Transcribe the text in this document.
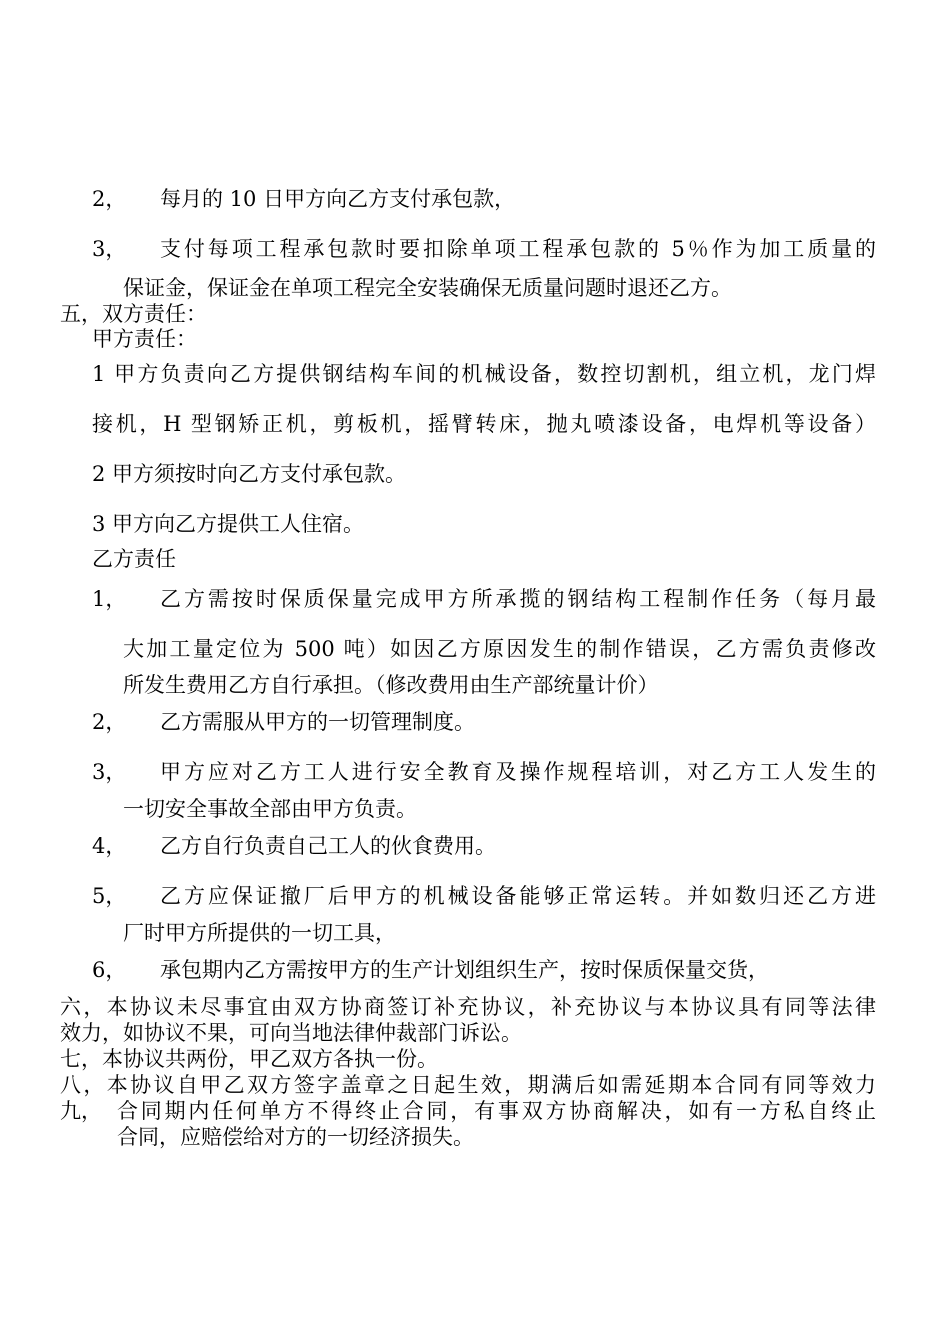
2， 每月的 10 日甲方向乙方支付承包款，
3， 支付每项工程承包款时要扣除单项工程承包款的 5％作为加工质量的
保证金，保证金在单项工程完全安装确保无质量问题时退还乙方。
五，双方责任：
甲方责任：
1 甲方负责向乙方提供钢结构车间的机械设备，数控切割机，组立机，龙门焊
接机，H 型钢矫正机，剪板机，摇臂转床，抛丸喷漆设备，电焊机等设备）
2 甲方须按时向乙方支付承包款。
3 甲方向乙方提供工人住宿。
乙方责任
1， 乙方需按时保质保量完成甲方所承揽的钢结构工程制作任务（每月最
大加工量定位为 500 吨）如因乙方原因发生的制作错误，乙方需负责修改
所发生费用乙方自行承担。（修改费用由生产部统量计价）
2， 乙方需服从甲方的一切管理制度。
3， 甲方应对乙方工人进行安全教育及操作规程培训，对乙方工人发生的
一切安全事故全部由甲方负责。
4， 乙方自行负责自己工人的伙食费用。
5， 乙方应保证撤厂后甲方的机械设备能够正常运转。并如数归还乙方进
厂时甲方所提供的一切工具，
6， 承包期内乙方需按甲方的生产计划组织生产，按时保质保量交货，
六，本协议未尽事宜由双方协商签订补充协议，补充协议与本协议具有同等法律
效力，如协议不果，可向当地法律仲裁部门诉讼。
七，本协议共两份，甲乙双方各执一份。
八，本协议自甲乙双方签字盖章之日起生效，期满后如需延期本合同有同等效力
九， 合同期内任何单方不得终止合同，有事双方协商解决，如有一方私自终止
合同，应赔偿给对方的一切经济损失。
